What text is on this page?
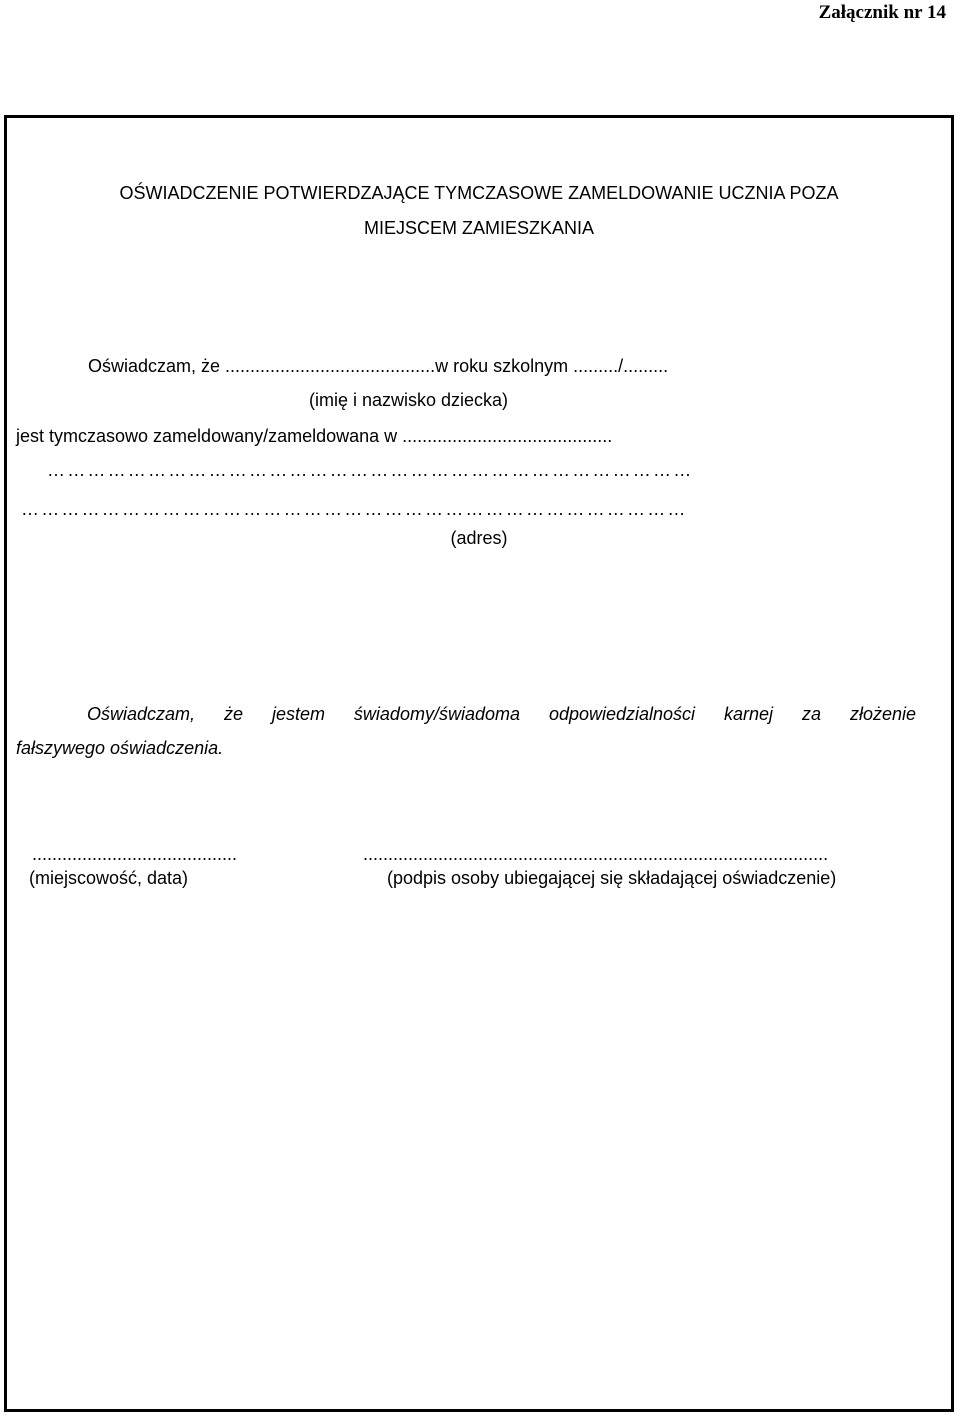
Załącznik nr 14
OŚWIADCZENIE POTWIERDZAJĄCE TYMCZASOWE ZAMELDOWANIE UCZNIA POZA
MIEJSCEM ZAMIESZKANIA
Oświadczam, że ..........................................w roku szkolnym ........./.........
(imię i nazwisko dziecka)
jest tymczasowo zameldowany/zameldowana w ..........................................
……………………………………………………………………………………
………………………………………………………………………………………
(adres)
Oświadczam, że jestem świadomy/świadoma odpowiedzialności karnej za złożenie
fałszywego oświadczenia.
.........................................	.............................................................................................
(miejscowość, data)	(podpis osoby ubiegającej się składającej oświadczenie)
